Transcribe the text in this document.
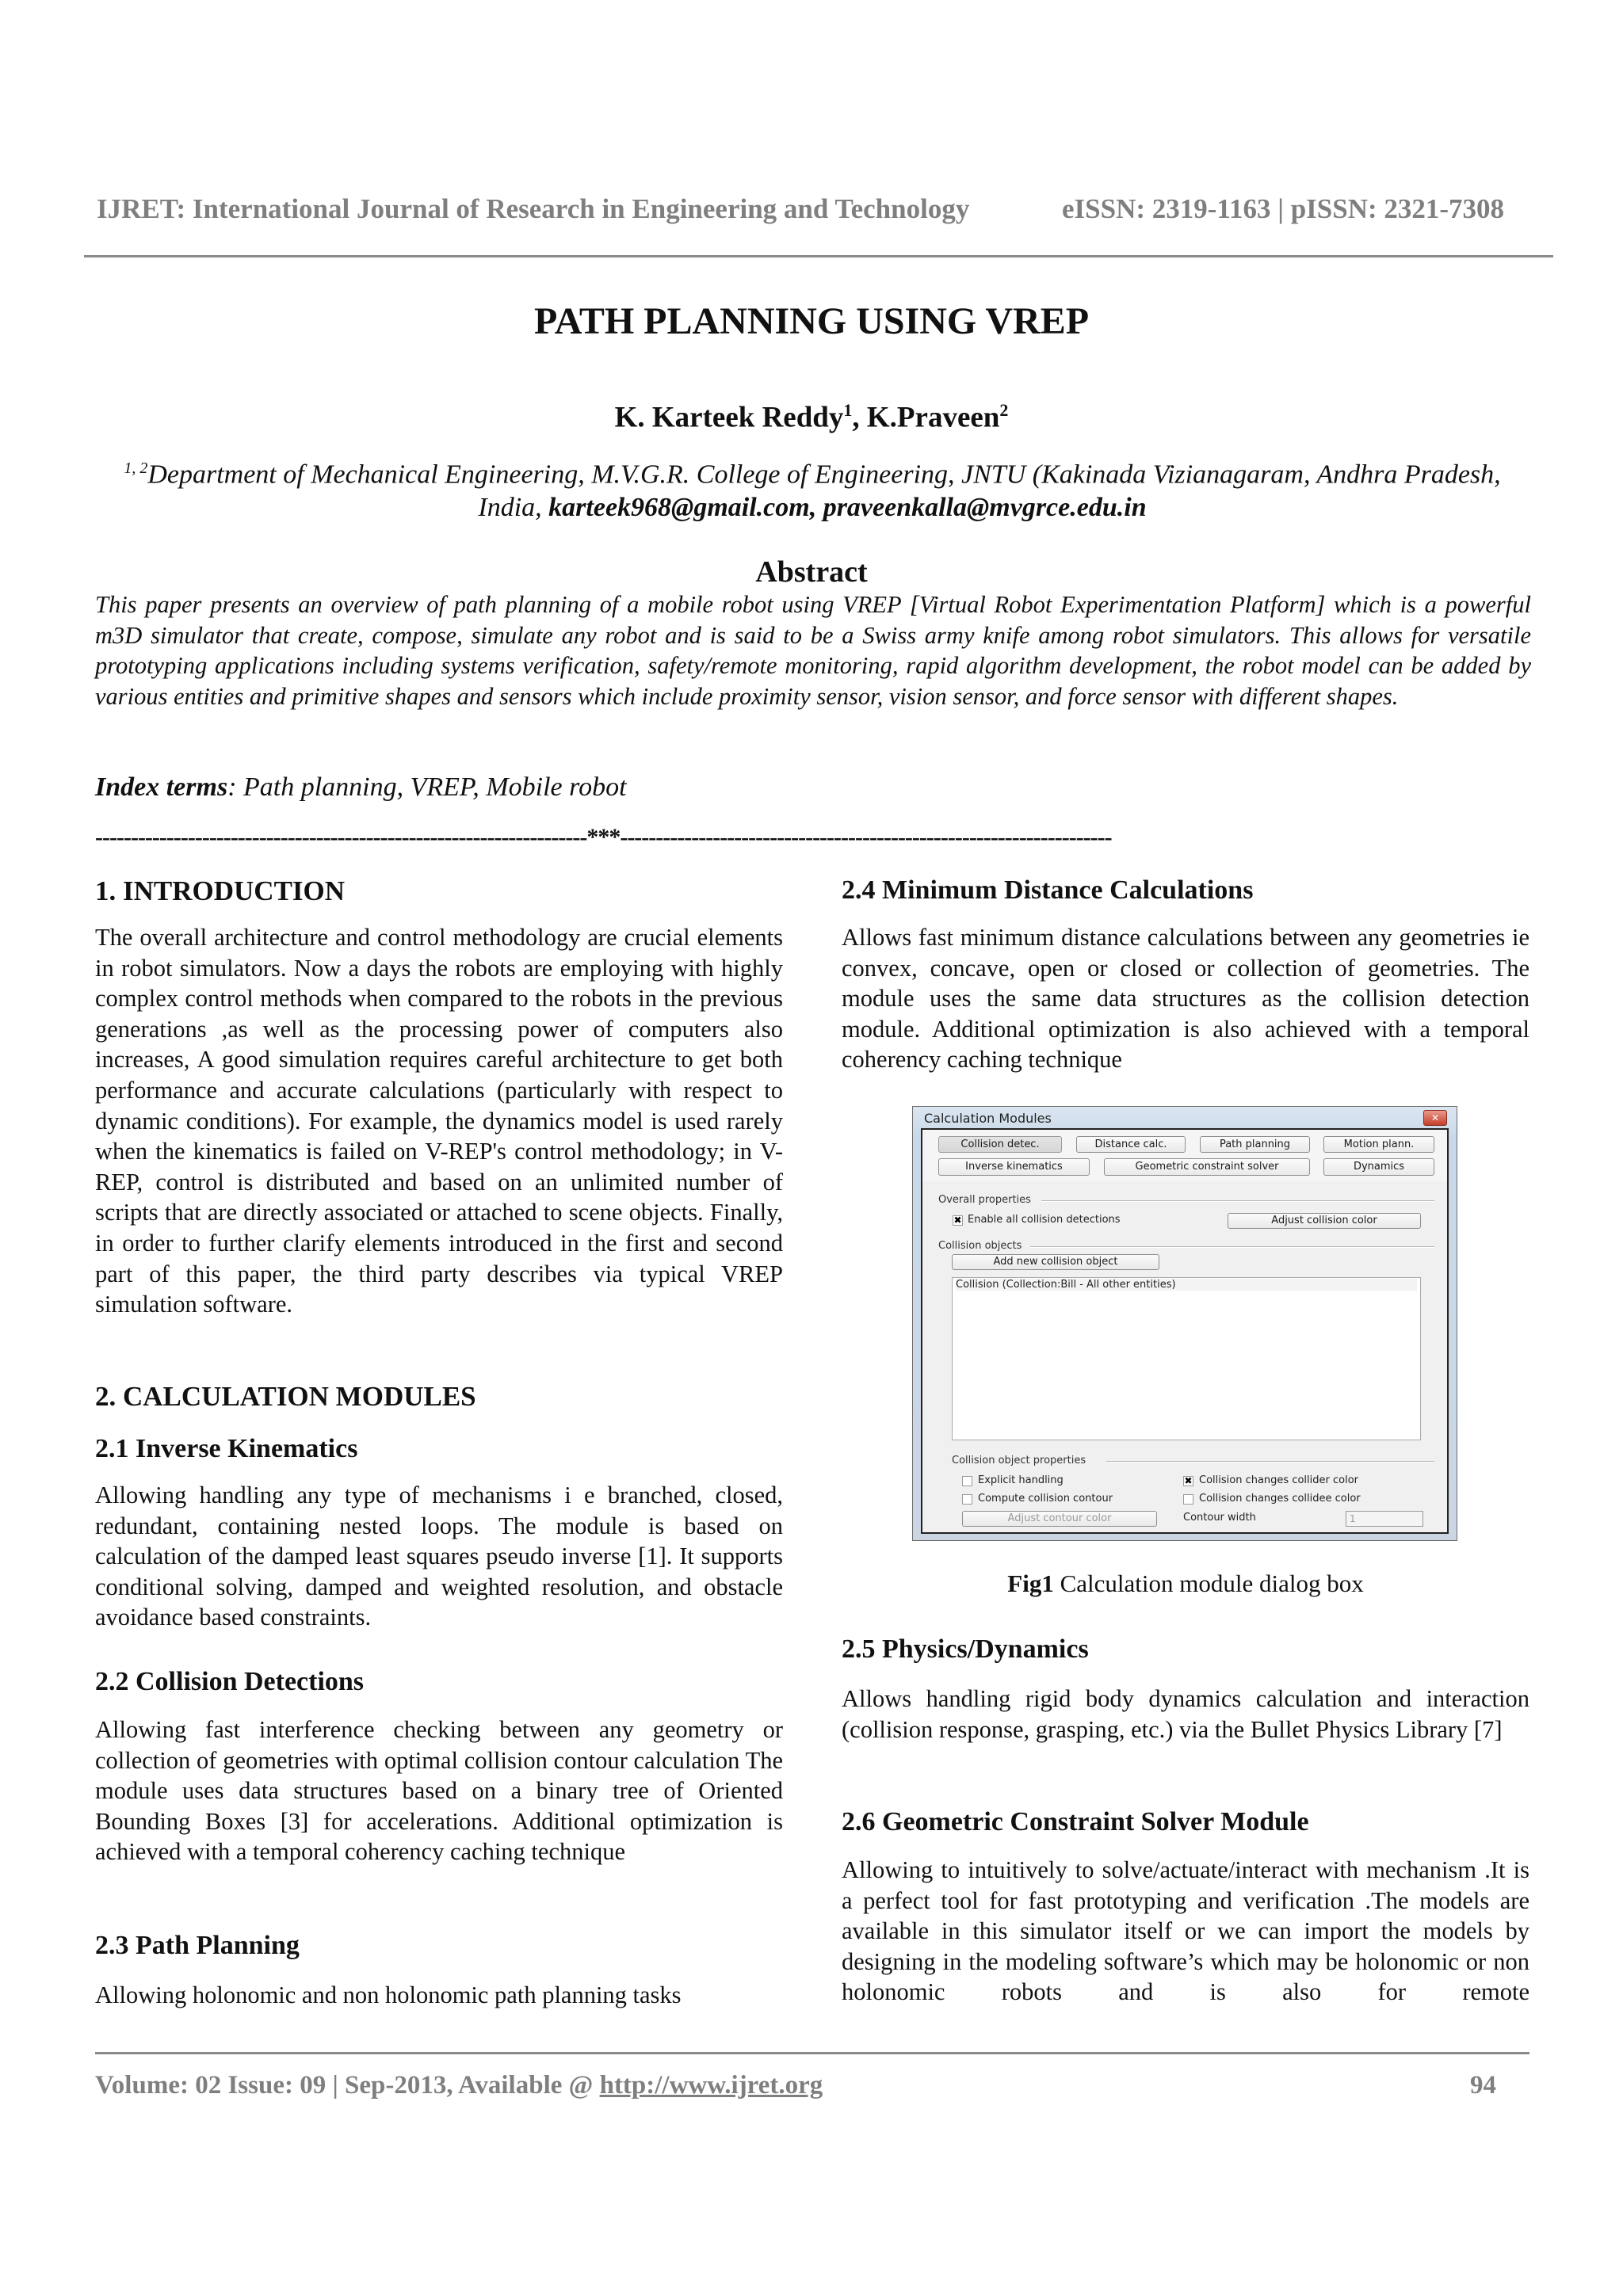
IJRET: International Journal of Research in Engineering and Technology	eISSN: 2319-1163 | pISSN: 2321-7308
PATH PLANNING USING VREP
K. Karteek Reddy$^1$, K.Praveen$^2$
$^{1, 2}$Department of Mechanical Engineering, M.V.G.R. College of Engineering, JNTU (Kakinada Vizianagaram, Andhra Pradesh, India, karteek968@gmail.com, praveenkalla@mvgrce.edu.in
Abstract
This paper presents an overview of path planning of a mobile robot using VREP [Virtual Robot Experimentation Platform] which is a powerful m3D simulator that create, compose, simulate any robot and is said to be a Swiss army knife among robot simulators. This allows for versatile prototyping applications including systems verification, safety/remote monitoring, rapid algorithm development, the robot model can be added by various entities and primitive shapes and sensors which include proximity sensor, vision sensor, and force sensor with different shapes.
Index terms: Path planning, VREP, Mobile robot
---------------------------------------------------------------------***---------------------------------------------------------------------
1. INTRODUCTION
The overall architecture and control methodology are crucial elements in robot simulators. Now a days the robots are employing with highly complex control methods when compared to the robots in the previous generations ,as well as the processing power of computers also increases, A good simulation requires careful architecture to get both performance and accurate calculations (particularly with respect to dynamic conditions). For example, the dynamics model is used rarely when the kinematics is failed on V-REP's control methodology; in V-REP, control is distributed and based on an unlimited number of scripts that are directly associated or attached to scene objects. Finally, in order to further clarify elements introduced in the first and second part of this paper, the third party describes via typical VREP simulation software.
2. CALCULATION MODULES
2.1 Inverse Kinematics
Allowing handling any type of mechanisms i e branched, closed, redundant, containing nested loops. The module is based on calculation of the damped least squares pseudo inverse [1]. It supports conditional solving, damped and weighted resolution, and obstacle avoidance based constraints.
2.2 Collision Detections
Allowing fast interference checking between any geometry or collection of geometries with optimal collision contour calculation The module uses data structures based on a binary tree of Oriented Bounding Boxes [3] for accelerations. Additional optimization is achieved with a temporal coherency caching technique
2.3 Path Planning
Allowing holonomic and non holonomic path planning tasks
2.4 Minimum Distance Calculations
Allows fast minimum distance calculations between any geometries ie convex, concave, open or closed or collection of geometries. The module uses the same data structures as the collision detection module. Additional optimization is also achieved with a temporal coherency caching technique
Calculation Modules	✕
Collision detec.	Distance calc.	Path planning	Motion plann.
Inverse kinematics	Geometric constraint solver	Dynamics
Overall properties
✖ Enable all collision detections	Adjust collision color
Collision objects
Add new collision object
Collision (Collection:Bill - All other entities)
Collision object properties
Explicit handling
Compute collision contour
Adjust contour color
✖ Collision changes collider color
Collision changes collidee color
Contour width	1
Fig1 Calculation module dialog box
2.5 Physics/Dynamics
Allows handling rigid body dynamics calculation and interaction (collision response, grasping, etc.) via the Bullet Physics Library [7]
2.6 Geometric Constraint Solver Module
Allowing to intuitively to solve/actuate/interact with mechanism .It is a perfect tool for fast prototyping and verification .The models are available in this simulator itself or we can import the models by designing in the modeling software’s which may be holonomic or non holonomic robots and is also for remote
Volume: 02 Issue: 09 | Sep-2013, Available @ http://www.ijret.org	94
